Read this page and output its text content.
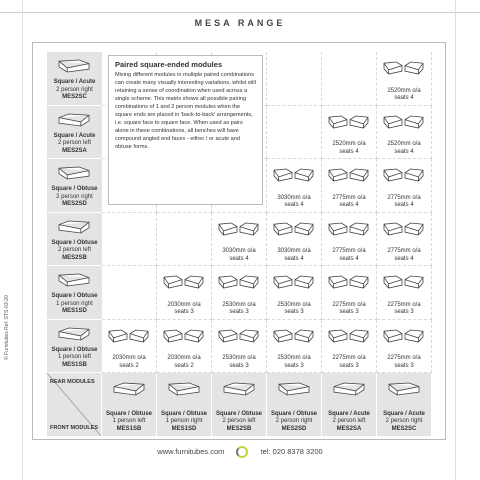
MESA RANGE
Square / Acute
2 person right
MES2SC
Square / Acute
2 person left
MES2SA
Square / Obtuse
2 person right
MES2SD
Square / Obtuse
2 person left
MES2SB
Square / Obtuse
1 person right
MES1SD
Square / Obtuse
1 person left
MES1SB
2520mm o/a
seats 4
2520mm o/a
seats 4
2520mm o/a
seats 4
3030mm o/a
seats 4
2775mm o/a
seats 4
2775mm o/a
seats 4
3030mm o/a
seats 4
3030mm o/a
seats 4
2775mm o/a
seats 4
2775mm o/a
seats 4
2030mm o/a
seats 3
2530mm o/a
seats 3
2530mm o/a
seats 3
2275mm o/a
seats 3
2275mm o/a
seats 3
2030mm o/a
seats 2
2030mm o/a
seats 2
2530mm o/a
seats 3
2530mm o/a
seats 3
2275mm o/a
seats 3
2275mm o/a
seats 3
REAR MODULES
FRONT MODULES
Square / Obtuse
1 person left
MES1SB
Square / Obtuse
1 person right
MES1SD
Square / Obtuse
2 person left
MES2SB
Square / Obtuse
2 person right
MES2SD
Square / Acute
2 person left
MES2SA
Square / Acute
2 person right
MES2SC
Paired square-ended modules

Mixing different modules in multiple paired combinations can create many visually interesting variations, whilst still retaining a sense of coordination when used across a single scheme. This matrix shows all possible pairing combinations of 1 and 2 person modules when the square ends are placed in 'back-to-back' arrangements, i.e. square face to square face. When used as pairs alone in these combinations, all benches will have compound angled end faces - either / or acute and obtuse forms.

© Furnitubes Ref: STS-03-20
www.furnitubes.com	tel: 020 8378 3200
